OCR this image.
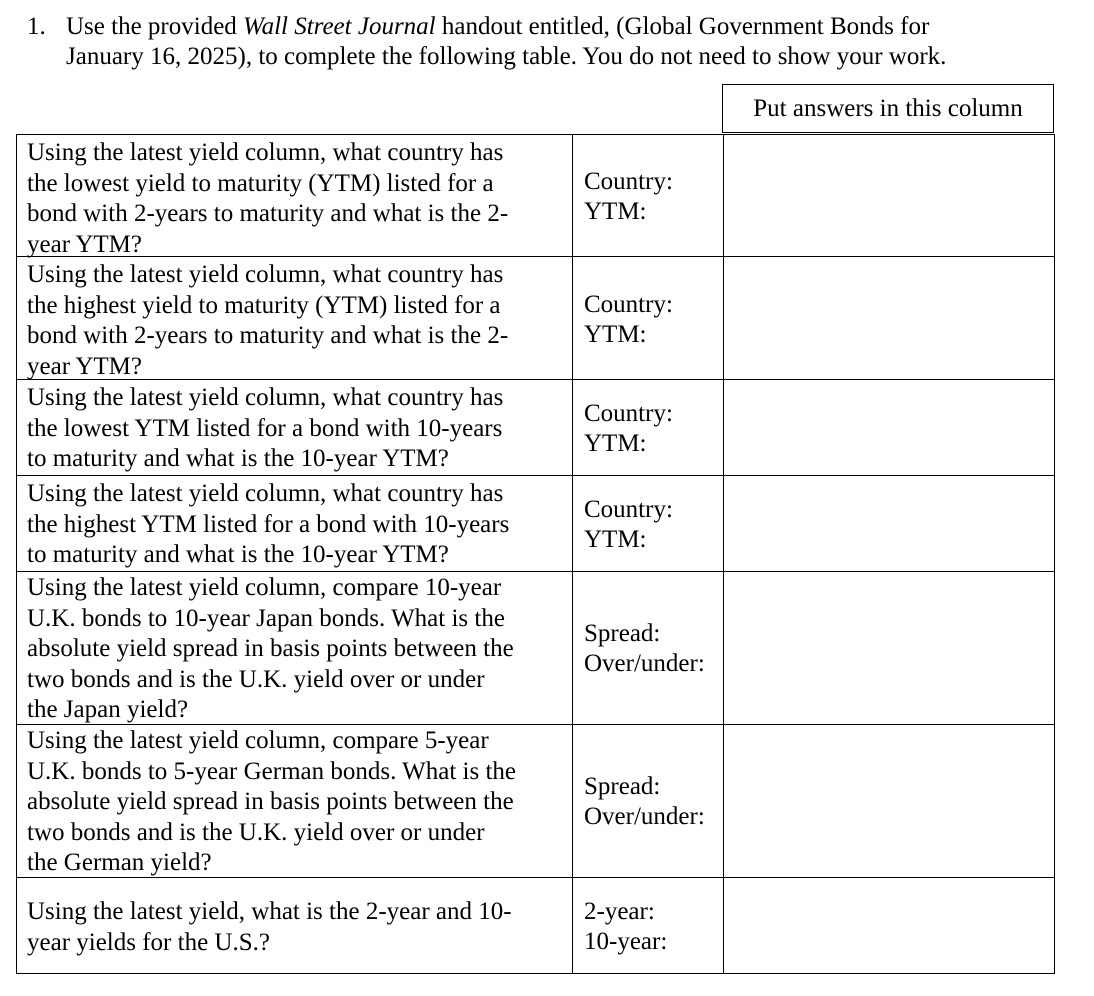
1. Use the provided Wall Street Journal handout entitled, (Global Government Bonds for
January 16, 2025), to complete the following table. You do not need to show your work.
Put answers in this column
Using the latest yield column, what country has
the lowest yield to maturity (YTM) listed for a
bond with 2-years to maturity and what is the 2-
year YTM?
Country:
YTM:
Using the latest yield column, what country has
the highest yield to maturity (YTM) listed for a
bond with 2-years to maturity and what is the 2-
year YTM?
Country:
YTM:
Using the latest yield column, what country has
the lowest YTM listed for a bond with 10-years
to maturity and what is the 10-year YTM?
Country:
YTM:
Using the latest yield column, what country has
the highest YTM listed for a bond with 10-years
to maturity and what is the 10-year YTM?
Country:
YTM:
Using the latest yield column, compare 10-year
U.K. bonds to 10-year Japan bonds. What is the
absolute yield spread in basis points between the
two bonds and is the U.K. yield over or under
the Japan yield?
Spread:
Over/under:
Using the latest yield column, compare 5-year
U.K. bonds to 5-year German bonds. What is the
absolute yield spread in basis points between the
two bonds and is the U.K. yield over or under
the German yield?
Spread:
Over/under:
Using the latest yield, what is the 2-year and 10-
year yields for the U.S.?
2-year:
10-year:
